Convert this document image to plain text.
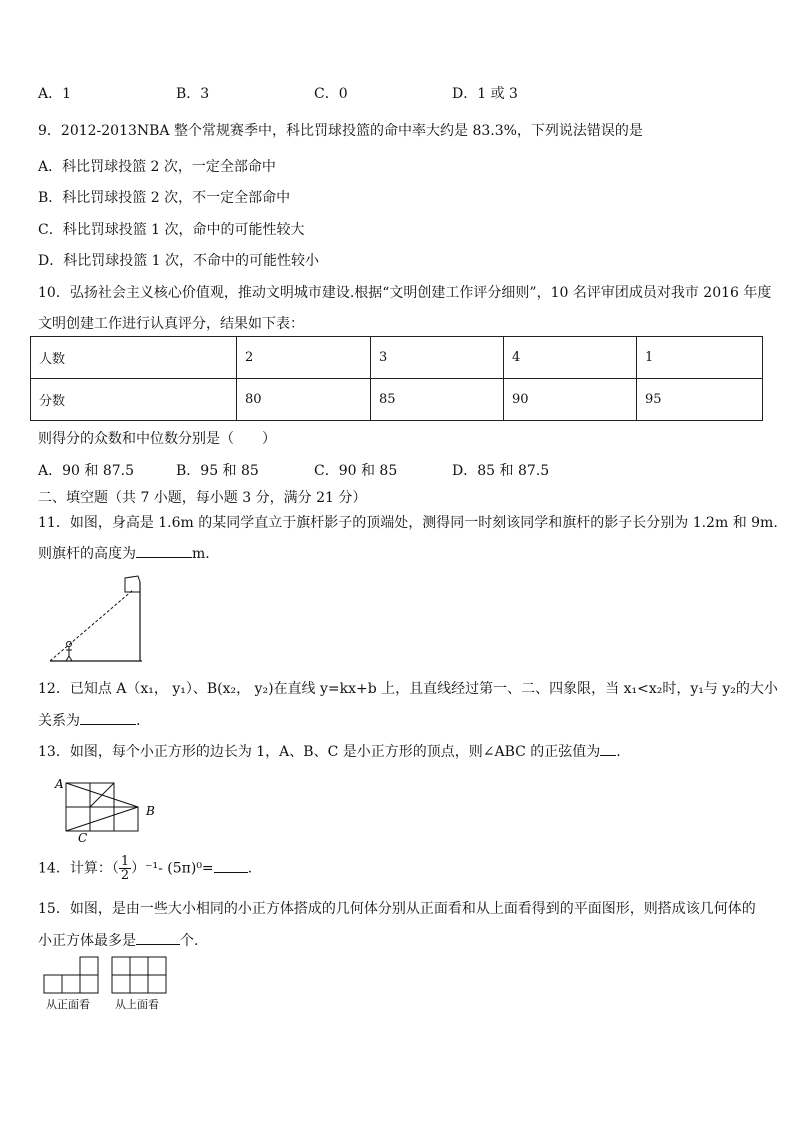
A．1	B．3	C．0	D．1 或 3
9．2012-2013NBA 整个常规赛季中，科比罚球投篮的命中率大约是 83.3%，下列说法错误的是
A．科比罚球投篮 2 次，一定全部命中
B．科比罚球投篮 2 次，不一定全部命中
C．科比罚球投篮 1 次，命中的可能性较大
D．科比罚球投篮 1 次，不命中的可能性较小
10．弘扬社会主义核心价值观，推动文明城市建设.根据“文明创建工作评分细则”，10 名评审团成员对我市 2016 年度
文明创建工作进行认真评分，结果如下表：
人数	2	3	4	1
分数	80	85	90	95
则得分的众数和中位数分别是（　　）
A．90 和 87.5	B．95 和 85	C．90 和 85	D．85 和 87.5
二、填空题（共 7 小题，每小题 3 分，满分 21 分）
11．如图，身高是 1.6m 的某同学直立于旗杆影子的顶端处，测得同一时刻该同学和旗杆的影子长分别为 1.2m 和 9m.
则旗杆的高度为	m.
12．已知点 A（x₁， y₁）、B(x₂， y₂)在直线 y=kx+b 上，且直线经过第一、二、四象限，当 x₁<x₂时，y₁与 y₂的大小
关系为	.
13．如图，每个小正方形的边长为 1，A、B、C 是小正方形的顶点，则∠ABC 的正弦值为 .
A
B
C
14．计算：（ $\frac{1}{2} )^{-1}-$ (5π)⁰= .
15．如图，是由一些大小相同的小正方体搭成的几何体分别从正面看和从上面看得到的平面图形，则搭成该几何体的
小正方体最多是	个.
从正面看 从上面看
